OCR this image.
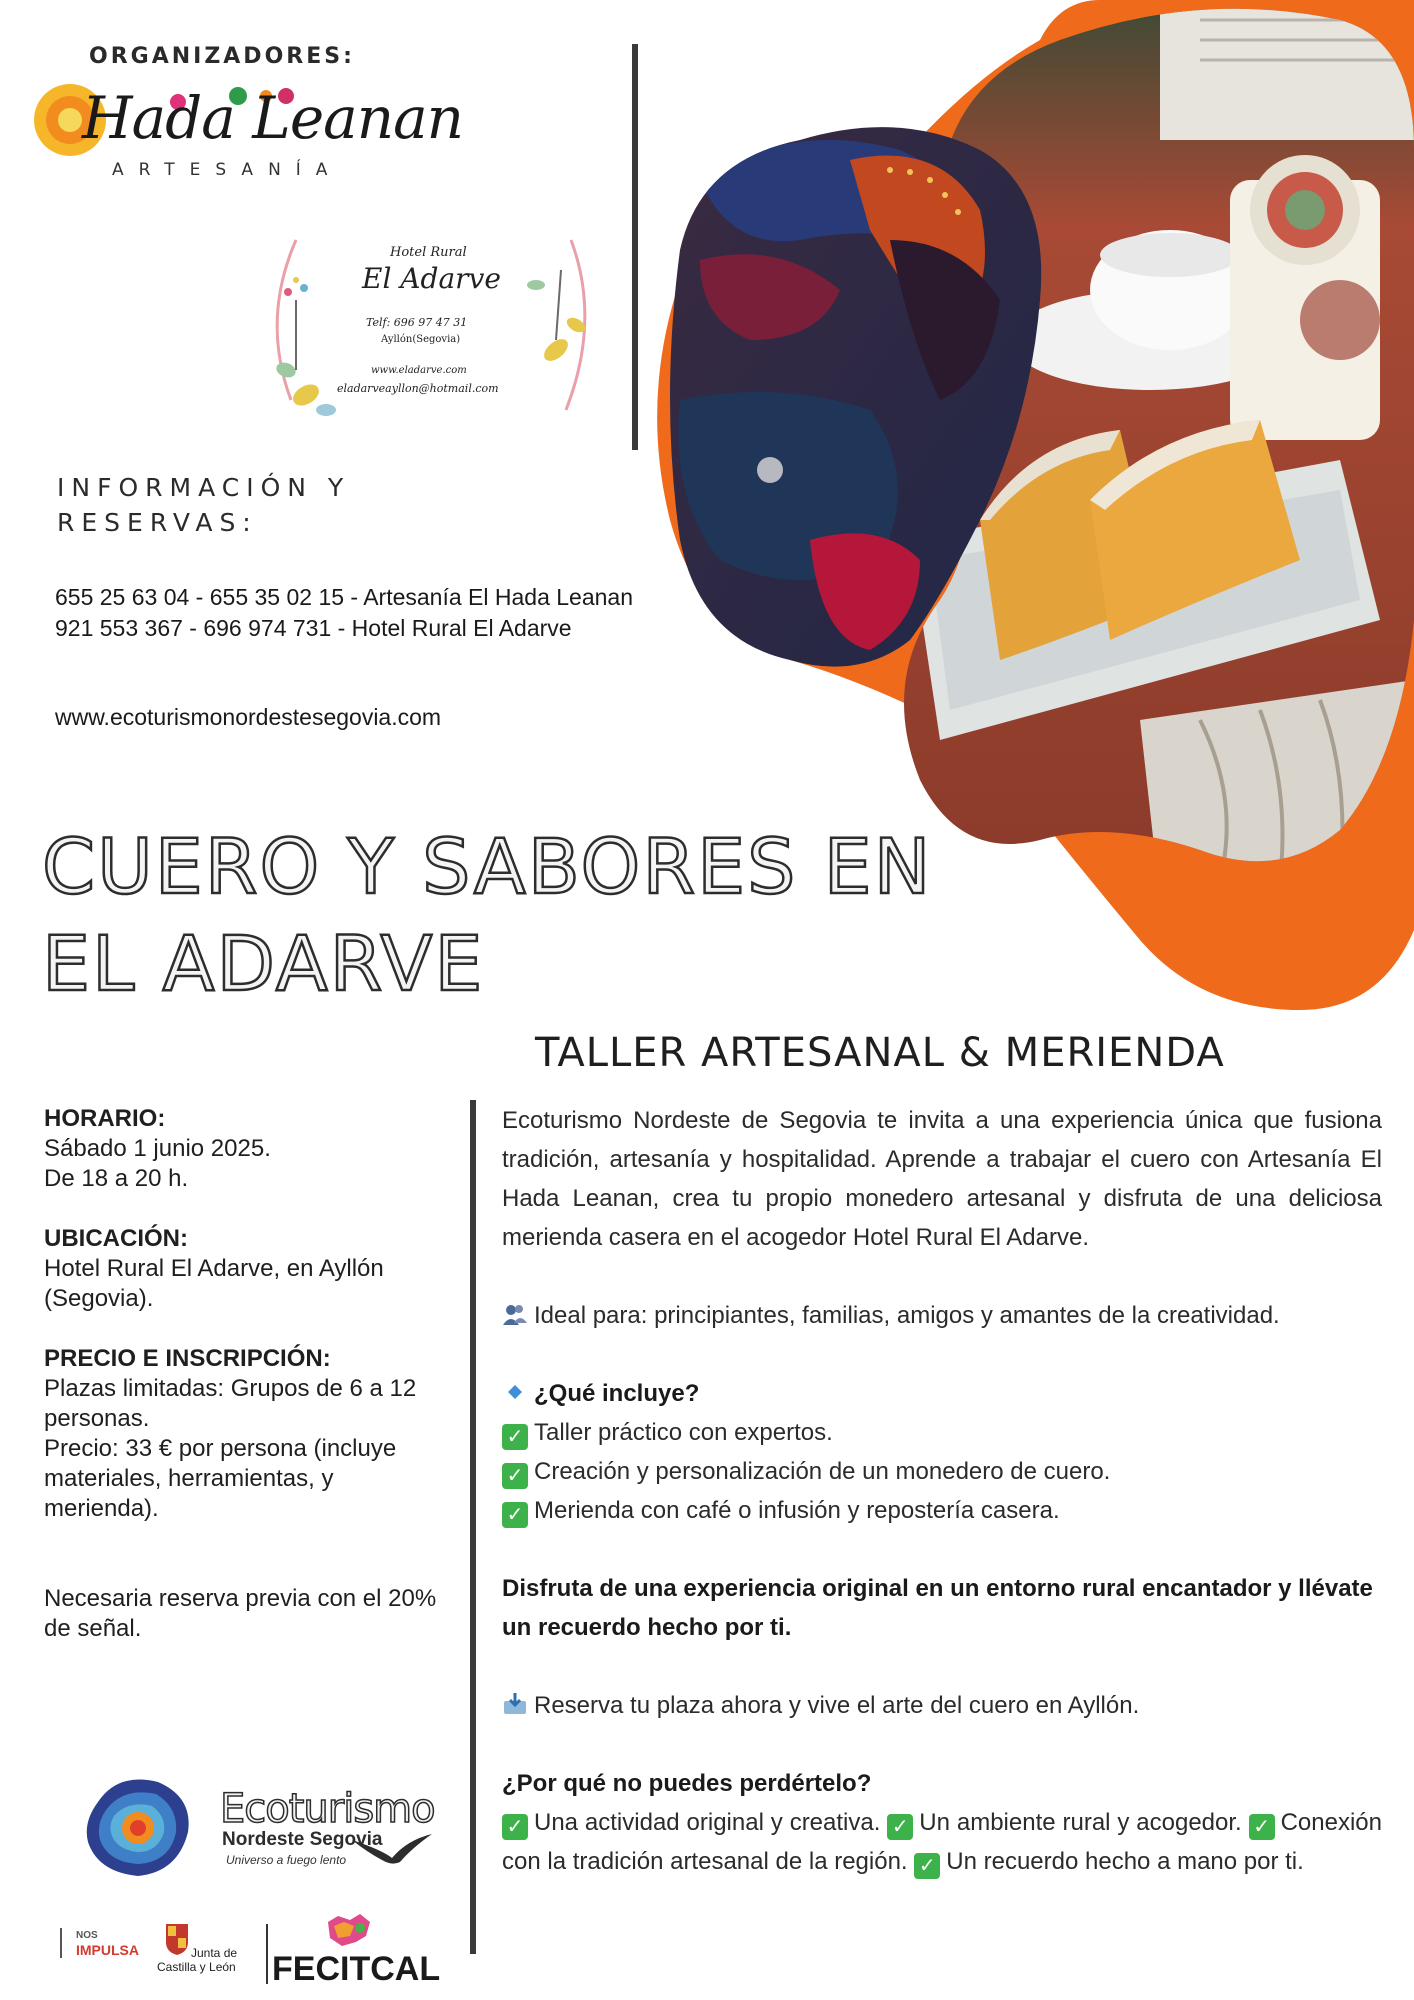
ORGANIZADORES:
Hada Leanan
ARTESANÍA
Hotel Rural
El Adarve
Telf: 696 97 47 31
Ayllón(Segovia)
www.eladarve.com
eladarveayllon@hotmail.com
INFORMACIÓN Y
RESERVAS:
655 25 63 04 - 655 35 02 15 - Artesanía El Hada Leanan
921 553 367 - 696 974 731 - Hotel Rural El Adarve
www.ecoturismonordestesegovia.com
CUERO Y SABORES EN
EL ADARVE
TALLER ARTESANAL & MERIENDA
HORARIO:
Sábado 1 junio 2025.
De 18 a 20 h.
UBICACIÓN:
Hotel Rural El Adarve, en Ayllón (Segovia).
PRECIO E INSCRIPCIÓN:
Plazas limitadas: Grupos de 6 a 12 personas.
Precio: 33 € por persona (incluye materiales, herramientas, y merienda).
Necesaria reserva previa con el 20% de señal.

Ecoturismo Nordeste de Segovia te invita a una experiencia única que fusiona tradición, artesanía y hospitalidad. Aprende a trabajar el cuero con Artesanía El Hada Leanan, crea tu propio monedero artesanal y disfruta de una deliciosa merienda casera en el acogedor Hotel Rural El Adarve.

Ideal para: principiantes, familias, amigos y amantes de la creatividad.

¿Qué incluye?

✓ Taller práctico con expertos.

✓ Creación y personalización de un monedero de cuero.

✓ Merienda con café o infusión y repostería casera.

Disfruta de una experiencia original en un entorno rural encantador y llévate un recuerdo hecho por ti.

Reserva tu plaza ahora y vive el arte del cuero en Ayllón.

¿Por qué no puedes perdértelo?

✓ Una actividad original y creativa. ✓ Un ambiente rural y acogedor. ✓ Conexión con la tradición artesanal de la región. ✓ Un recuerdo hecho a mano por ti.

Ecoturismo
Nordeste Segovia
Universo a fuego lento
NOS
IMPULSA	Junta de
Castilla y León FECITCAL
